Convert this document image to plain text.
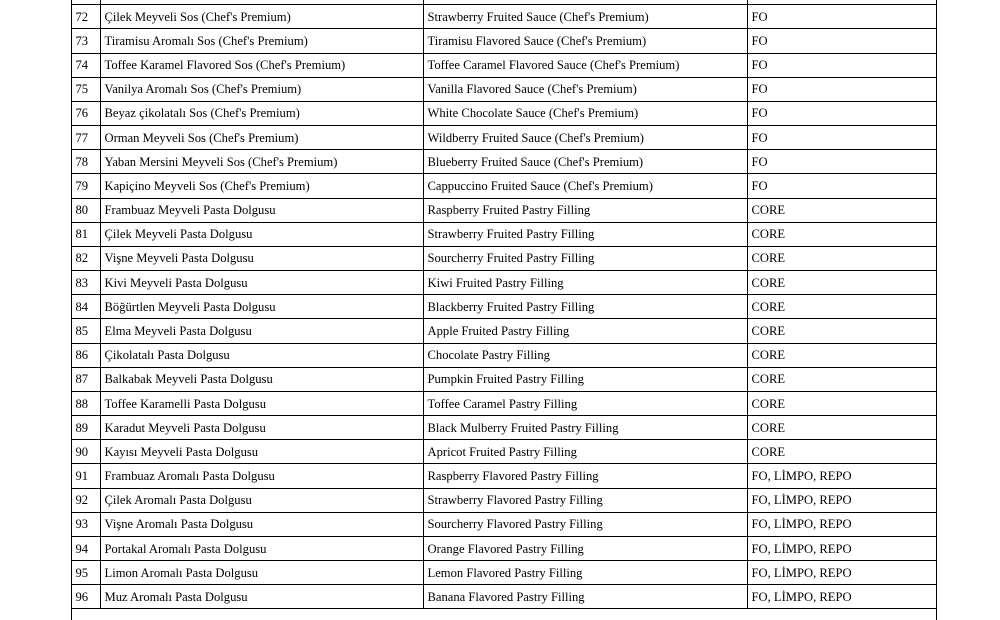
72	Çilek Meyveli Sos (Chef's Premium)	Strawberry Fruited Sauce (Chef's Premium)	FO
73	Tiramisu Aromalı Sos (Chef's Premium)	Tiramisu Flavored Sauce (Chef's Premium)	FO
74	Toffee Karamel Flavored Sos (Chef's Premium)	Toffee Caramel Flavored Sauce (Chef's Premium)	FO
75	Vanilya Aromalı Sos (Chef's Premium)	Vanilla Flavored Sauce (Chef's Premium)	FO
76	Beyaz çikolatalı Sos (Chef's Premium)	White Chocolate Sauce (Chef's Premium)	FO
77	Orman Meyveli Sos (Chef's Premium)	Wildberry Fruited Sauce (Chef's Premium)	FO
78	Yaban Mersini Meyveli Sos (Chef's Premium)	Blueberry Fruited Sauce (Chef's Premium)	FO
79	Kapiçino Meyveli Sos (Chef's Premium)	Cappuccino Fruited Sauce (Chef's Premium)	FO
80	Frambuaz Meyveli Pasta Dolgusu	Raspberry Fruited Pastry Filling	CORE
81	Çilek Meyveli Pasta Dolgusu	Strawberry Fruited Pastry Filling	CORE
82	Vişne Meyveli Pasta Dolgusu	Sourcherry Fruited Pastry Filling	CORE
83	Kivi Meyveli Pasta Dolgusu	Kiwi Fruited Pastry Filling	CORE
84	Böğürtlen Meyveli Pasta Dolgusu	Blackberry Fruited Pastry Filling	CORE
85	Elma Meyveli Pasta Dolgusu	Apple Fruited Pastry Filling	CORE
86	Çikolatalı Pasta Dolgusu	Chocolate Pastry Filling	CORE
87	Balkabak Meyveli Pasta Dolgusu	Pumpkin Fruited Pastry Filling	CORE
88	Toffee Karamelli Pasta Dolgusu	Toffee Caramel Pastry Filling	CORE
89	Karadut Meyveli Pasta Dolgusu	Black Mulberry Fruited Pastry Filling	CORE
90	Kayısı Meyveli Pasta Dolgusu	Apricot Fruited Pastry Filling	CORE
91	Frambuaz Aromalı Pasta Dolgusu	Raspberry Flavored Pastry Filling	FO, LİMPO, REPO
92	Çilek Aromalı Pasta Dolgusu	Strawberry Flavored Pastry Filling	FO, LİMPO, REPO
93	Vişne Aromalı Pasta Dolgusu	Sourcherry Flavored Pastry Filling	FO, LİMPO, REPO
94	Portakal Aromalı Pasta Dolgusu	Orange Flavored Pastry Filling	FO, LİMPO, REPO
95	Limon Aromalı Pasta Dolgusu	Lemon Flavored Pastry Filling	FO, LİMPO, REPO
96	Muz Aromalı Pasta Dolgusu	Banana Flavored Pastry Filling	FO, LİMPO, REPO
